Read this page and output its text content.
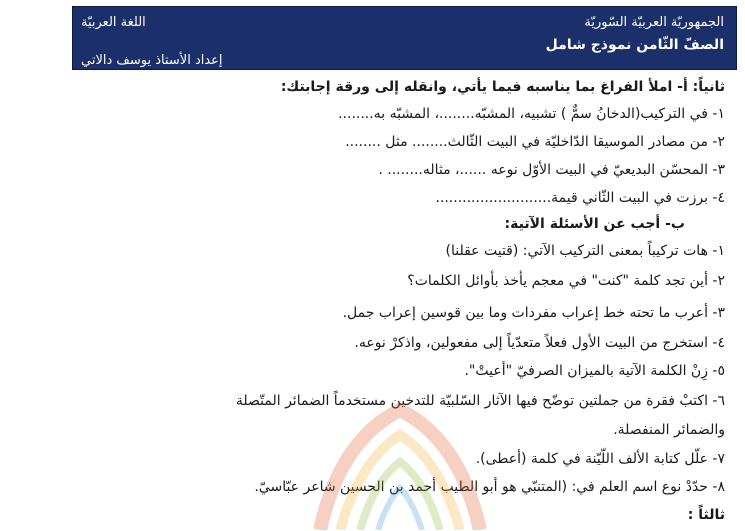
الجمهوريّة العربيّة السّوريّة
اللغة العربيّة
الصفّ الثّامن نموذج شامل
إعداد الأستاذ يوسف دالاتي
ثانياً: أ- املأ الفراغ بما يناسبه فيما يأتي، وانقله إلى ورقة إجابتك:
١- في التركيب(الدخانُ سمٌّ ) تشبيه، المشبّه........، المشبّه به........
٢- من مصادر الموسيقا الدّاخليّة في البيت الثّالث........ مثل ........
٣- المحسّن البديعيّ في البيت الأوّل نوعه ......، مثاله........ .
٤- برزت في البيت الثّاني قيمة..........................
ب- أجب عن الأسئلة الآتية:
١- هات تركيباً بمعنى التركيب الآتي: (قتيت عقلنا)
٢- أين تجد كلمة "كنت" في معجم يأخذ بأوائل الكلمات؟
٣- أعرب ما تحته خط إعراب مفردات وما بين قوسين إعراب جمل.
٤- استخرج من البيت الأول فعلاً متعدّياً إلى مفعولين، واذكرْ نوعه.
٥- زِنْ الكلمة الآتية بالميزان الصرفيّ "أعيتْ".
٦- اكتبْ فقرة من جملتين توضّح فيها الآثار السّلبيّة للتدخين مستخدماً الضمائر المتّصلة
والضمائر المنفصلة.
٧- علّل كتابة الألف اللّيّنة في كلمة (أعطى).
٨- حدّدْ نوع اسم العلم في: (المتنبّي هو أبو الطيب أحمد بن الحسين شاعر عبّاسيّ.
ثالثاً :
